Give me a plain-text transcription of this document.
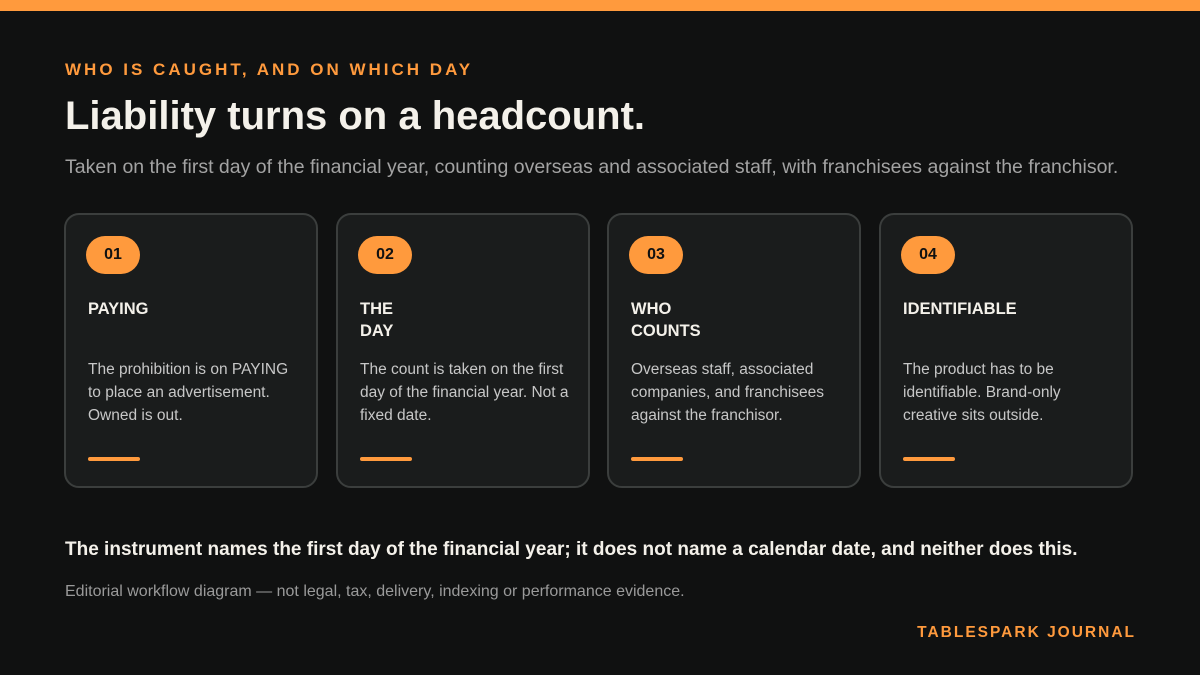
WHO IS CAUGHT, AND ON WHICH DAY
Liability turns on a headcount.
Taken on the first day of the financial year, counting overseas and associated staff, with franchisees against the franchisor.
01
PAYING
The prohibition is on PAYING to place an advertisement. Owned is out.
02
THE
DAY
The count is taken on the first day of the financial year. Not a fixed date.
03
WHO
COUNTS
Overseas staff, associated companies, and franchisees against the franchisor.
04
IDENTIFIABLE
The product has to be identifiable. Brand-only creative sits outside.
The instrument names the first day of the financial year; it does not name a calendar date, and neither does this.
Editorial workflow diagram — not legal, tax, delivery, indexing or performance evidence.
TABLESPARK JOURNAL
